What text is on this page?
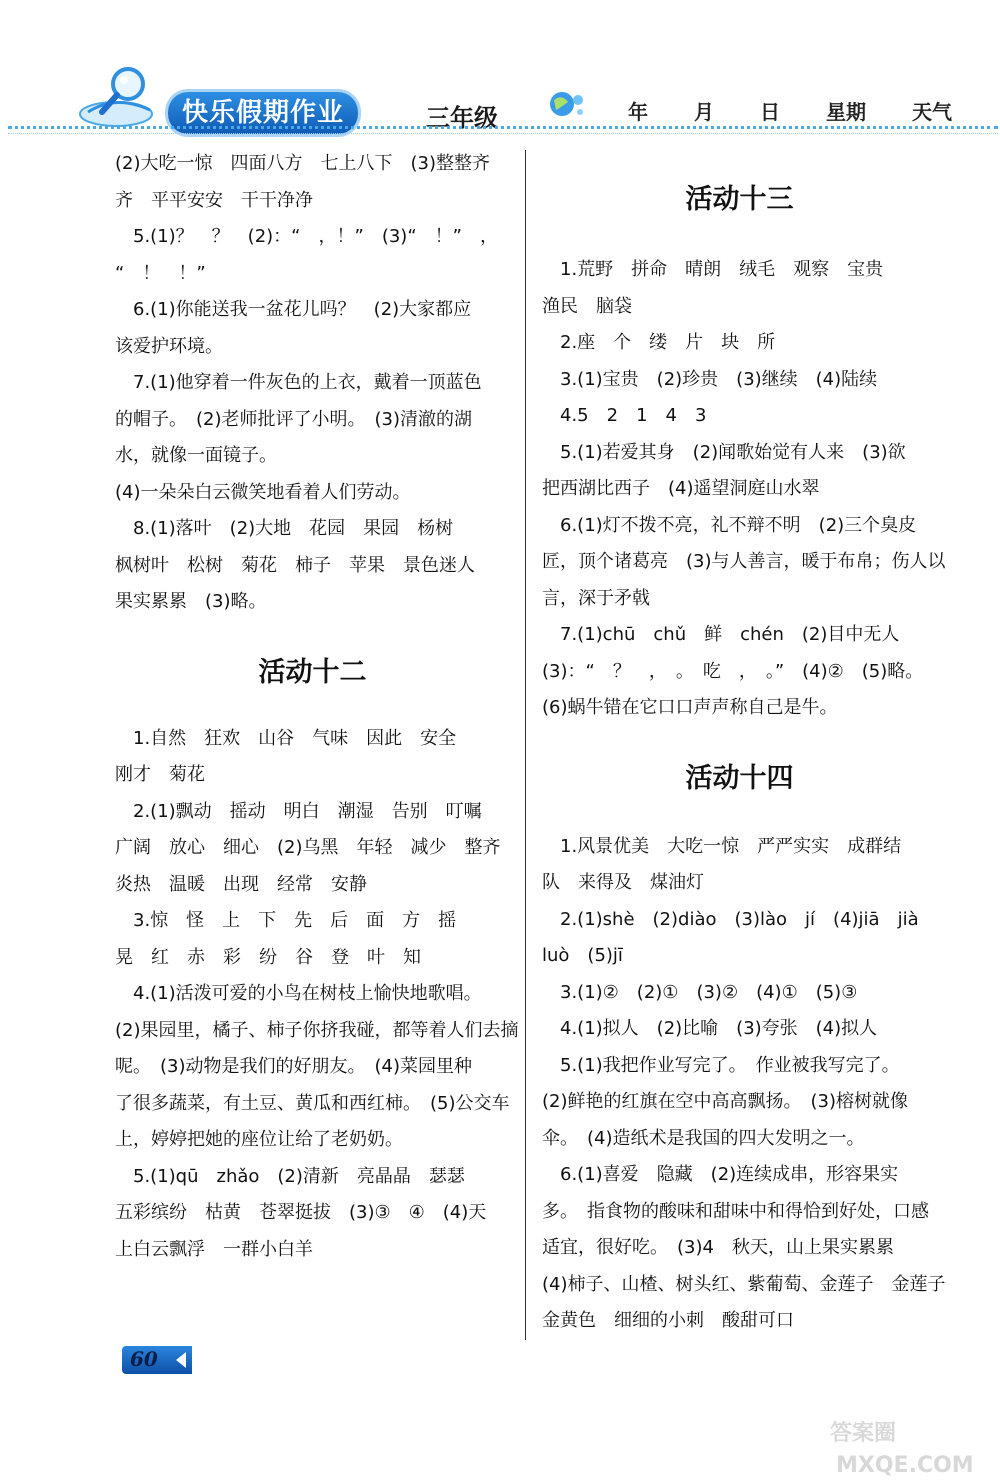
快乐假期作业	三年级	年 月 日 星期 天气

(2)大吃一惊　四面八方　七上八下　(3)整整齐

齐　平平安安　干干净净

　5.(1)？　？　(2)：“　，！”　(3)“　！”　，

“　！　！”

　6.(1)你能送我一盆花儿吗？　(2)大家都应

该爱护环境。

　7.(1)他穿着一件灰色的上衣，戴着一顶蓝色

的帽子。　(2)老师批评了小明。　(3)清澈的湖

水，就像一面镜子。

(4)一朵朵白云微笑地看着人们劳动。

　8.(1)落叶　(2)大地　花园　果园　杨树

枫树叶　松树　菊花　柿子　苹果　景色迷人

果实累累　(3)略。

活动十二

　1.自然　狂欢　山谷　气味　因此　安全

刚才　菊花

　2.(1)飘动　摇动　明白　潮湿　告别　叮嘱

广阔　放心　细心　(2)乌黑　年轻　减少　整齐

炎热　温暖　出现　经常　安静

　3.惊　怪　上　下　先　后　面　方　摇

晃　红　赤　彩　纷　谷　登　叶　知

　4.(1)活泼可爱的小鸟在树枝上愉快地歌唱。

(2)果园里，橘子、柿子你挤我碰，都等着人们去摘

呢。　(3)动物是我们的好朋友。　(4)菜园里种

了很多蔬菜，有土豆、黄瓜和西红柿。　(5)公交车

上，婷婷把她的座位让给了老奶奶。

　5.(1)qū　zhǎo　(2)清新　亮晶晶　瑟瑟

五彩缤纷　枯黄　苍翠挺拔　(3)③　④　(4)天

上白云飘浮　一群小白羊

活动十三

　1.荒野　拼命　晴朗　绒毛　观察　宝贵

渔民　脑袋

　2.座　个　缕　片　块　所

　3.(1)宝贵　(2)珍贵　(3)继续　(4)陆续

　4.5　2　1　4　3

　5.(1)若爱其身　(2)闻歌始觉有人来　(3)欲

把西湖比西子　(4)遥望洞庭山水翠

　6.(1)灯不拨不亮，礼不辩不明　(2)三个臭皮

匠，顶个诸葛亮　(3)与人善言，暖于布帛；伤人以

言，深于矛戟

　7.(1)chū　chǔ　鲜　chén　(2)目中无人

(3)：“　？　，　。　吃　，　。”　(4)②　(5)略。

(6)蜗牛错在它口口声声称自己是牛。

活动十四

　1.风景优美　大吃一惊　严严实实　成群结

队　来得及　煤油灯

　2.(1)shè　(2)diào　(3)lào　jí　(4)jiā　jià

luò　(5)jī

　3.(1)②　(2)①　(3)②　(4)①　(5)③

　4.(1)拟人　(2)比喻　(3)夸张　(4)拟人

　5.(1)我把作业写完了。　作业被我写完了。

(2)鲜艳的红旗在空中高高飘扬。　(3)榕树就像

伞。　(4)造纸术是我国的四大发明之一。

　6.(1)喜爱　隐藏　(2)连续成串，形容果实

多。　指食物的酸味和甜味中和得恰到好处，口感

适宜，很好吃。　(3)4　秋天，山上果实累累

(4)柿子、山楂、树头红、紫葡萄、金莲子　金莲子

金黄色　细细的小刺　酸甜可口

60
答案圈
MXQE.COM
